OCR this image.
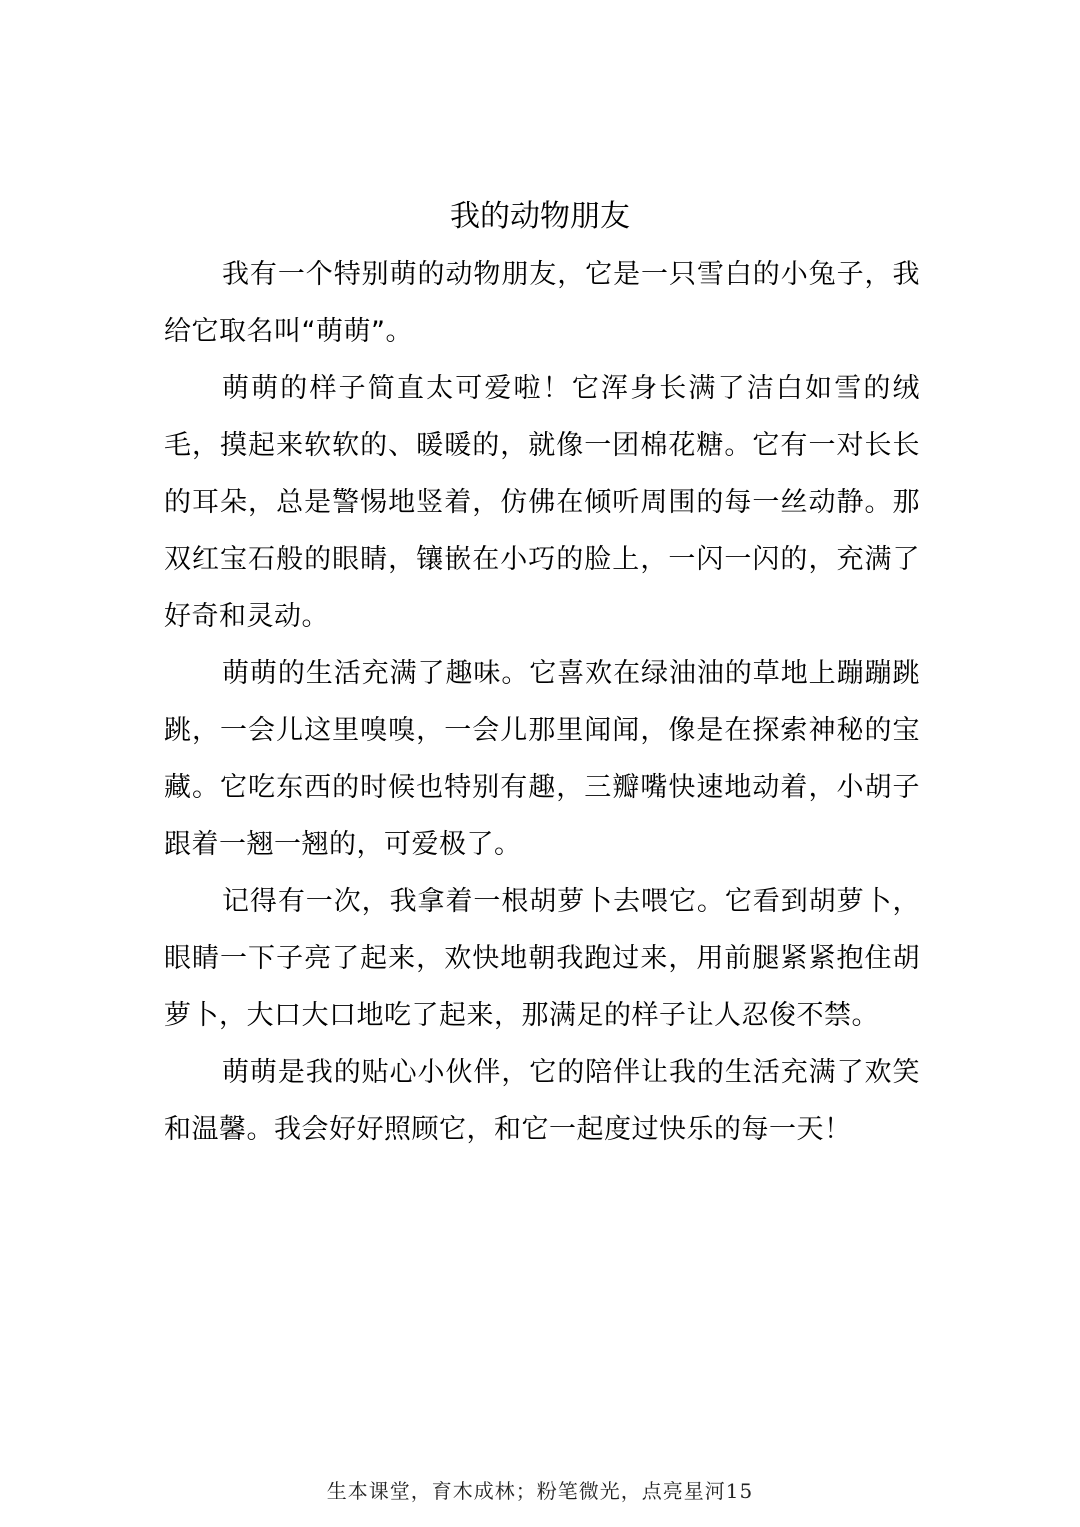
我的动物朋友

我有一个特别萌的动物朋友，它是一只雪白的小兔子，我给它取名叫“萌萌”。

萌萌的样子简直太可爱啦！它浑身长满了洁白如雪的绒毛，摸起来软软的、暖暖的，就像一团棉花糖。它有一对长长的耳朵，总是警惕地竖着，仿佛在倾听周围的每一丝动静。那双红宝石般的眼睛，镶嵌在小巧的脸上，一闪一闪的，充满了好奇和灵动。

萌萌的生活充满了趣味。它喜欢在绿油油的草地上蹦蹦跳跳，一会儿这里嗅嗅，一会儿那里闻闻，像是在探索神秘的宝藏。它吃东西的时候也特别有趣，三瓣嘴快速地动着，小胡子跟着一翘一翘的，可爱极了。

记得有一次，我拿着一根胡萝卜去喂它。它看到胡萝卜，眼睛一下子亮了起来，欢快地朝我跑过来，用前腿紧紧抱住胡萝卜，大口大口地吃了起来，那满足的样子让人忍俊不禁。

萌萌是我的贴心小伙伴，它的陪伴让我的生活充满了欢笑和温馨。我会好好照顾它，和它一起度过快乐的每一天！

生本课堂，育木成林；粉笔微光，点亮星河15
